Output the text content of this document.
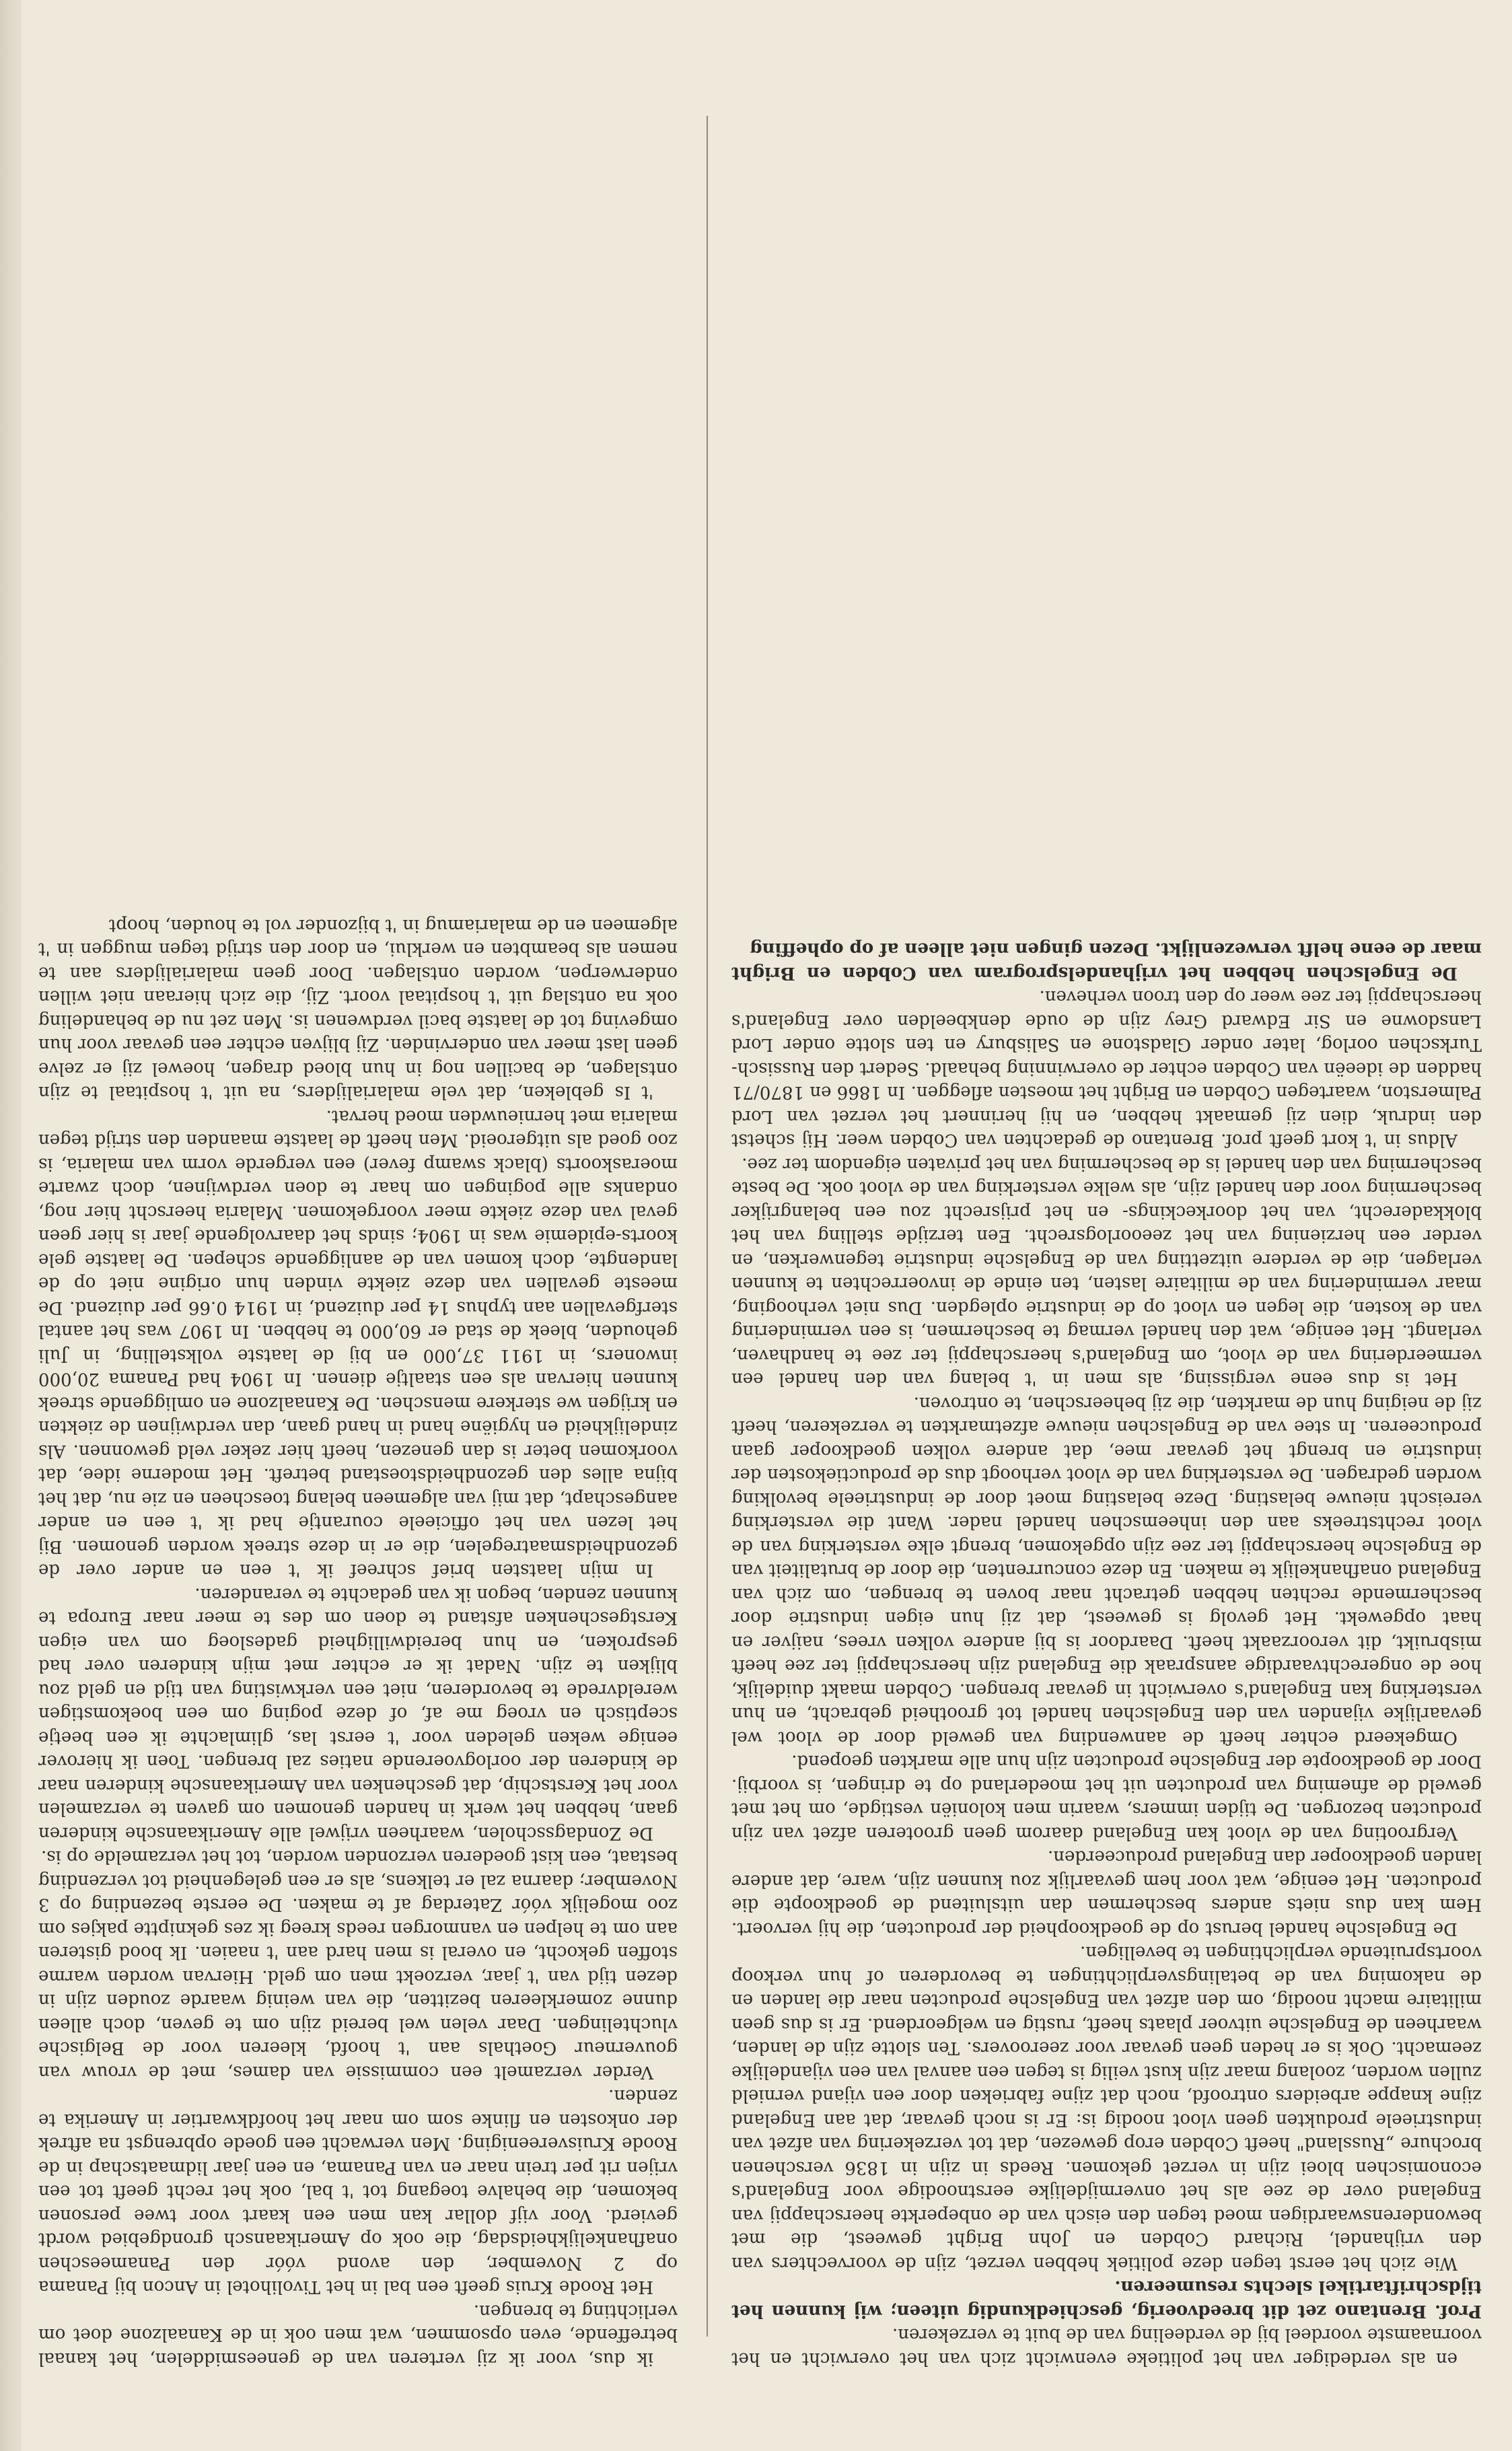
en als verdediger van het politieke evenwicht zich van het overwicht en het voornaamste voordeel bij de verdeeling van de buit te verzekeren.

Prof. Brentano zet dit breedvoerig, geschiedkundig uiteen; wij kunnen het tijdschriftartikel slechts resumeeren.

Wie zich het eerst tegen deze politiek hebben verzet, zijn de voorvechters van den vrijhandel, Richard Cobden en John Bright geweest, die met bewonderenswaardigen moed tegen den eisch van de onbeperkte heerschappij van Engeland over de zee als het onvermijdelijke eerstnoodige voor Engeland's economischen bloei zijn in verzet gekomen. Reeds in zijn in 1836 verschenen brochure „Russland" heeft Cobden erop gewezen, dat tot verzekering van afzet van industrieele produkten geen vloot noodig is: Er is noch gevaar, dat aan Engeland zijne knappe arbeiders ontroofd, noch dat zijne fabrieken door een vijand vernield zullen worden, zoolang maar zijn kust veilig is tegen een aanval van een vijandelijke zeemacht. Ook is er heden geen gevaar voor zeeroovers. Ten slotte zijn de landen, waarheen de Engelsche uitvoer plaats heeft, rustig en welgeordend. Er is dus geen militaire macht noodig, om den afzet van Engelsche producten naar die landen en de nakoming van de betalingsverplichtingen te bevorderen of hun verkoop voortspruitende verplichtingen te bevelligen.

De Engelsche handel berust op de goedkoopheid der producten, die hij vervoert. Hem kan dus niets anders beschermen dan uitsluitend de goedkoopte die producten. Het eenige, wat voor hem gevaarlijk zou kunnen zijn, ware, dat andere landen goedkooper dan Engeland produceerden.

Vergrooting van de vloot kan Engeland daarom geen grooteren afzet van zijn producten bezorgen. De tijden immers, waarin men koloniën vestigde, om het met geweld de afneming van producten uit het moederland op te dringen, is voorbij. Door de goedkoopte der Engelsche producten zijn hun alle markten geopend.

Omgekeerd echter heeft de aanwending van geweld door de vloot wel gevaarlijke vijanden van den Engelschen handel tot grootheid gebracht, en hun versterking kan Engeland's overwicht in gevaar brengen. Cobden maakt duidelijk, hoe de ongerechtvaardige aanspraak die Engeland zijn heerschappij ter zee heeft misbruikt, dit veroorzaakt heeft. Daardoor is bij andere volken vrees, naijver en haat opgewekt. Het gevolg is geweest, dat zij hun eigen industrie door beschermende rechten hebben getracht naar boven te brengen, om zich van Engeland onafhankelijk te maken. En deze concurrenten, die door de brutaliteit van de Engelsche heerschappij ter zee zijn opgekomen, brengt elke versterking van de vloot rechtstreeks aan den inheemschen handel nader. Want die versterking vereischt nieuwe belasting. Deze belasting moet door de industrieele bevolking worden gedragen. De versterking van de vloot verhoogt dus de productiekosten der industrie en brengt het gevaar mee, dat andere volken goedkooper gaan produceeren. In stee van de Engelschen nieuwe afzetmarkten te verzekeren, heeft zij de neiging hun de markten, die zij beheerschen, te ontroven.

Het is dus eene vergissing, als men in 't belang van den handel een vermeerdering van de vloot, om Engeland's heerschappij ter zee te handhaven, verlangt. Het eenige, wat den handel vermag te beschermen, is een vermindering van de kosten, die legen en vloot op de industrie oplegden. Dus niet verhooging, maar vermindering van de militaire lasten, ten einde de invoerrechten te kunnen verlagen, die de verdere uitzetting van de Engelsche industrie tegenwerken, en verder een herziening van het zeeoorlogsrecht. Een terzijde stelling van het blokkaderecht, van het doorkeckings- en het prijsrecht zou een belangrijker bescherming voor den handel zijn, als welke versterking van de vloot ook. De beste bescherming van den handel is de bescherming van het privaten eigendom ter zee.

Aldus in 't kort geeft prof. Brentano de gedachten van Cobden weer. Hij schetst den indruk, dien zij gemaakt hebben, en hij herinnert het verzet van Lord Palmerston, waartegen Cobden en Bright het moesten afleggen. In 1866 en 1870/71 hadden de ideeën van Cobden echter de overwinning behaald. Sedert den Russisch-Turkschen oorlog, later onder Gladstone en Salisbury en ten slotte onder Lord Lansdowne en Sir Edward Grey zijn de oude denkbeelden over Engeland's heerschappij ter zee weer op den troon verheven.

De Engelschen hebben het vrijhandelsprogram van Cobden en Bright maar de eene helft verwezenlijkt. Dezen gingen niet alleen af op opheffing

ik dus, voor ik zij verteren van de geneesmiddelen, het kanaal betreffende, even opsommen, wat men ook in de Kanaalzone doet om verlichting te brengen.

Het Roode Kruis geeft een bal in het Tivolihotel in Ancon bij Panama op 2 November, den avond vóór den Panameeschen onafhankelijkheidsdag, die ook op Amerikaansch grondgebied wordt gevierd. Voor vijf dollar kan men een kaart voor twee personen bekomen, die behalve toegang tot 't bal, ook het recht geeft tot een vrijen rit per trein naar en van Panama, en een jaar lidmaatschap in de Roode Kruisvereeniging. Men verwacht een goede opbrengst na aftrek der onkosten en flinke som om naar het hoofdkwartier in Amerika te zenden.

Verder verzamelt een commissie van dames, met de vrouw van gouverneur Goethals aan 't hoofd, kleeren voor de Belgische vluchtelingen. Daar velen wel bereid zijn om te geven, doch alleen dunne zomerkleeren bezitten, die van weinig waarde zouden zijn in dezen tijd van 't jaar, verzoekt men om geld. Hiervan worden warme stoffen gekocht, en overal is men hard aan 't naaien. Ik bood gisteren aan om te helpen en vanmorgen reeds kreeg ik zes gekniptte pakjes om zoo mogelijk vóór Zaterdag af te maken. De eerste bezending op 3 November; daarna zal er telkens, als er een gelegenheid tot verzending bestaat, een kist goederen verzonden worden, tot het verzamelde op is.

De Zondagsscholen, waarheen vrijwel alle Amerikaansche kinderen gaan, hebben het werk in handen genomen om gaven te verzamelen voor het Kerstschip, dat geschenken van Amerikaansche kinderen naar de kinderen der oorlogvoerende naties zal brengen. Toen ik hierover eenige weken geleden voor 't eerst las, glimlachte ik een beetje sceptisch en vroeg me af, of deze poging om een boekomstigen wereldvrede te bevorderen, niet een verkwisting van tijd en geld zou blijken te zijn. Nadat ik er echter met mijn kinderen over had gesproken, en hun bereidwilligheid gadesloeg om van eigen Kerstgeschenken afstand te doen om des te meer naar Europa te kunnen zenden, begon ik van gedachte te veranderen.

In mijn laatsten brief schreef ik 't een en ander over de gezondheidsmaatregelen, die er in deze streek worden genomen. Bij het lezen van het officieele courantje had ik 't een en ander aangeschapt, dat mij van algemeen belang toescheen en zie nu, dat het bijna alles den gezondheidstoestand betreft. Het moderne idee, dat voorkomen beter is dan genezen, heeft hier zeker veld gewonnen. Als zindelijkheid en hygiëne hand in hand gaan, dan verdwijnen de ziekten en krijgen we sterkere menschen. De Kanaalzone en omliggende streek kunnen hiervan als een staaltje dienen. In 1904 had Panama 20,000 inwoners, in 1911 37,000 en bij de laatste volkstelling, in Juli gehouden, bleek de stad er 60,000 te hebben. In 1907 was het aantal sterfgevallen aan typhus 14 per duizend, in 1914 0.66 per duizend. De meeste gevallen van deze ziekte vinden hun origine niet op de landengte, doch komen van de aanliggende schepen. De laatste gele koorts-epidemie was in 1904; sinds het daarvolgende jaar is hier geen geval van deze ziekte meer voorgekomen. Malaria heerscht hier nog, ondanks alle pogingen om haar te doen verdwijnen, doch zwarte moeraskoorts (black swamp fever) een vergerde vorm van malaria, is zoo goed als uitgeroeid. Men heeft de laatste maanden den strijd tegen malaria met hernieuwden moed hervat.

't Is gebleken, dat vele malarialijders, na uit 't hospitaal te zijn ontslagen, de bacillen nog in hun bloed dragen, hoewel zij er zelve geen last meer van ondervinden. Zij blijven echter een gevaar voor hun omgeving tot de laatste bacil verdwenen is. Men zet nu de behandeling ook na ontslag uit 't hospitaal voort. Zij, die zich hieraan niet willen onderwerpen, worden ontslagen. Door geen malarialijders aan te nemen als beambten en werklui, en door den strijd tegen muggen in 't algemeen en de malariamug in 't bijzonder vol te houden, hoopt
